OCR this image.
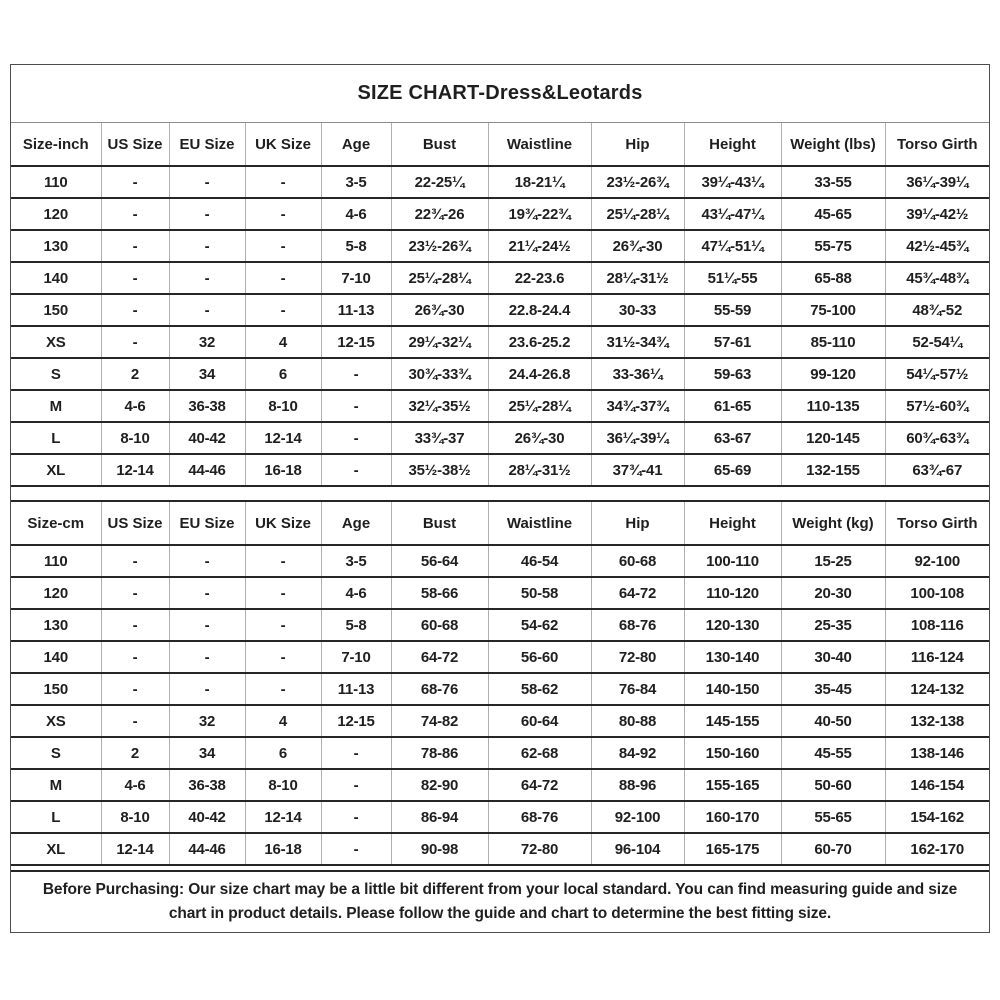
SIZE CHART-Dress&Leotards
Size-inch	US Size	EU Size	UK Size	Age	Bust	Waistline	Hip	Height	Weight (lbs)	Torso Girth
110	-	-	-	3-5	22-25¼	18-21¼	23½-26¾	39¼-43¼	33-55	36¼-39¼
120	-	-	-	4-6	22¾-26	19¾-22¾	25¼-28¼	43¼-47¼	45-65	39¼-42½
130	-	-	-	5-8	23½-26¾	21¼-24½	26¾-30	47¼-51¼	55-75	42½-45¾
140	-	-	-	7-10	25¼-28¼	22-23.6	28¼-31½	51¼-55	65-88	45¾-48¾
150	-	-	-	11-13	26¾-30	22.8-24.4	30-33	55-59	75-100	48¾-52
XS	-	32	4	12-15	29¼-32¼	23.6-25.2	31½-34¾	57-61	85-110	52-54¼
S	2	34	6	-	30¾-33¾	24.4-26.8	33-36¼	59-63	99-120	54¼-57½
M	4-6	36-38	8-10	-	32¼-35½	25¼-28¼	34¾-37¾	61-65	110-135	57½-60¾
L	8-10	40-42	12-14	-	33¾-37	26¾-30	36¼-39¼	63-67	120-145	60¾-63¾
XL	12-14	44-46	16-18	-	35½-38½	28¼-31½	37¾-41	65-69	132-155	63¾-67
Size-cm	US Size	EU Size	UK Size	Age	Bust	Waistline	Hip	Height	Weight (kg)	Torso Girth
110	-	-	-	3-5	56-64	46-54	60-68	100-110	15-25	92-100
120	-	-	-	4-6	58-66	50-58	64-72	110-120	20-30	100-108
130	-	-	-	5-8	60-68	54-62	68-76	120-130	25-35	108-116
140	-	-	-	7-10	64-72	56-60	72-80	130-140	30-40	116-124
150	-	-	-	11-13	68-76	58-62	76-84	140-150	35-45	124-132
XS	-	32	4	12-15	74-82	60-64	80-88	145-155	40-50	132-138
S	2	34	6	-	78-86	62-68	84-92	150-160	45-55	138-146
M	4-6	36-38	8-10	-	82-90	64-72	88-96	155-165	50-60	146-154
L	8-10	40-42	12-14	-	86-94	68-76	92-100	160-170	55-65	154-162
XL	12-14	44-46	16-18	-	90-98	72-80	96-104	165-175	60-70	162-170
Before Purchasing: Our size chart may be a little bit different from your local standard. You can find measuring guide and size chart in product details. Please follow the guide and chart to determine the best fitting size.
